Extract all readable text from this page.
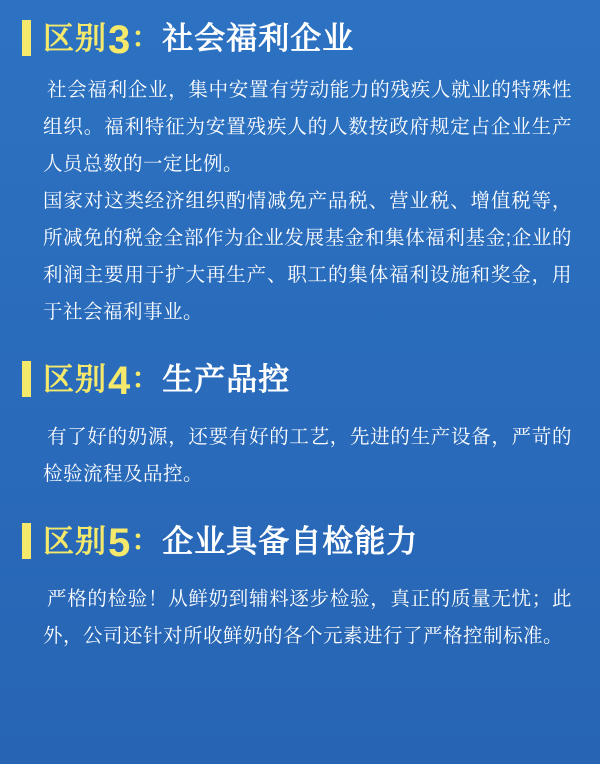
区别 3 ： 社会福利企业

社会福利企业，集中安置有劳动能力的残疾人就业的特殊性组织。福利特征为安置残疾人的人数按政府规定占企业生产人员总数的一定比例。

国家对这类经济组织酌情减免产品税、营业税、增值税等，所减免的税金全部作为企业发展基金和集体福利基金;企业的利润主要用于扩大再生产、职工的集体福利设施和奖金，用于社会福利事业。

区别 4 ： 生产品控

有了好的奶源，还要有好的工艺，先进的生产设备，严苛的检验流程及品控。

区别 5 ： 企业具备自检能力

严格的检验！从鲜奶到辅料逐步检验，真正的质量无忧；此外，公司还针对所收鲜奶的各个元素进行了严格控制标准。
